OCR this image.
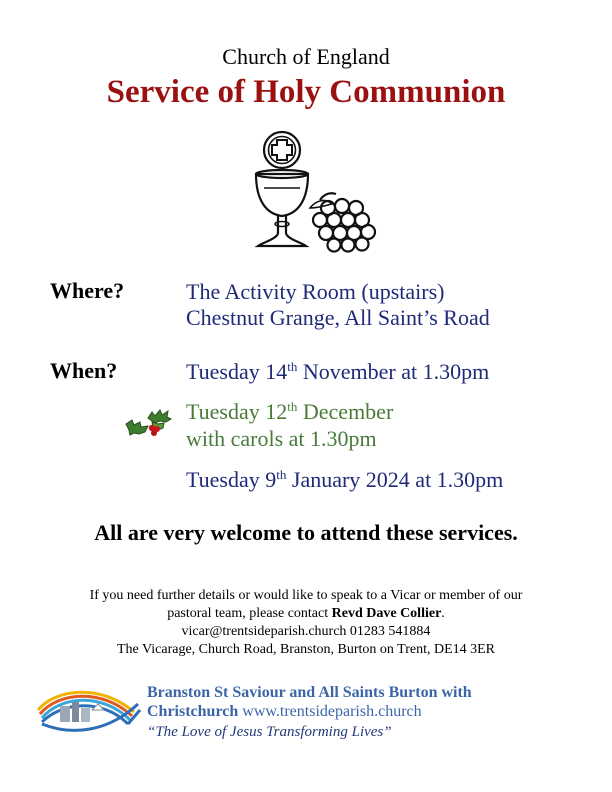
Church of England
Service of Holy Communion
Where?	The Activity Room (upstairs)
Chestnut Grange, All Saint’s Road
When?	Tuesday 14th November at 1.30pm
Tuesday 12th December
with carols at 1.30pm
Tuesday 9th January 2024 at 1.30pm
All are very welcome to attend these services.
If you need further details or would like to speak to a Vicar or member of our
pastoral team, please contact Revd Dave Collier.
vicar@trentsideparish.church 01283 541884
The Vicarage, Church Road, Branston, Burton on Trent, DE14 3ER
Branston St Saviour and All Saints Burton with
Christchurch www.trentsideparish.church
“The Love of Jesus Transforming Lives”
